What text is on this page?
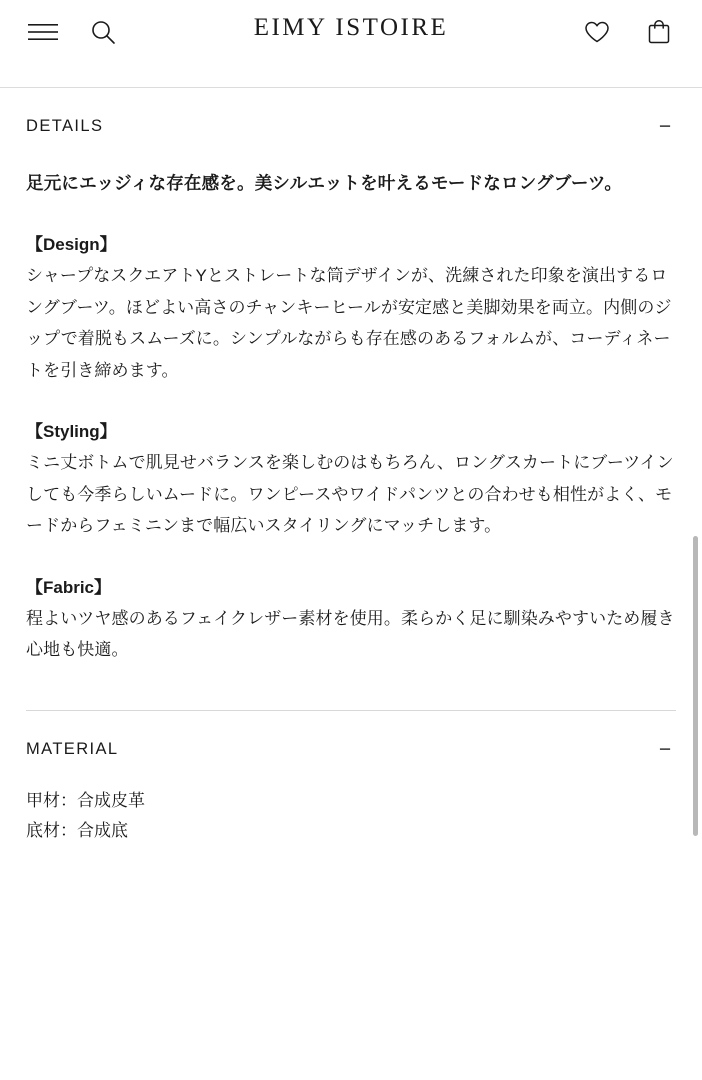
EIMY ISTOIRE
DETAILS	−

足元にエッジィな存在感を。美シルエットを叶えるモードなロングブーツ。

【Design】

シャープなスクエアトΥとストレートな筒デザインが、洗練された印象を演出するロングブーツ。ほどよい高さのチャンキーヒールが安定感と美脚効果を両立。内側のジップで着脱もスムーズに。シンプルながらも存在感のあるフォルムが、コーディネートを引き締めます。

【Styling】

ミニ丈ボトムで肌見せバランスを楽しむのはもちろん、ロングスカートにブーツインしても今季らしいムードに。ワンピースやワイドパンツとの合わせも相性がよく、モードからフェミニンまで幅広いスタイリングにマッチします。

【Fabric】

程よいツヤ感のあるフェイクレザー素材を使用。柔らかく足に馴染みやすいため履き心地も快適。

MATERIAL	−
甲材：合成皮革
底材：合成底
